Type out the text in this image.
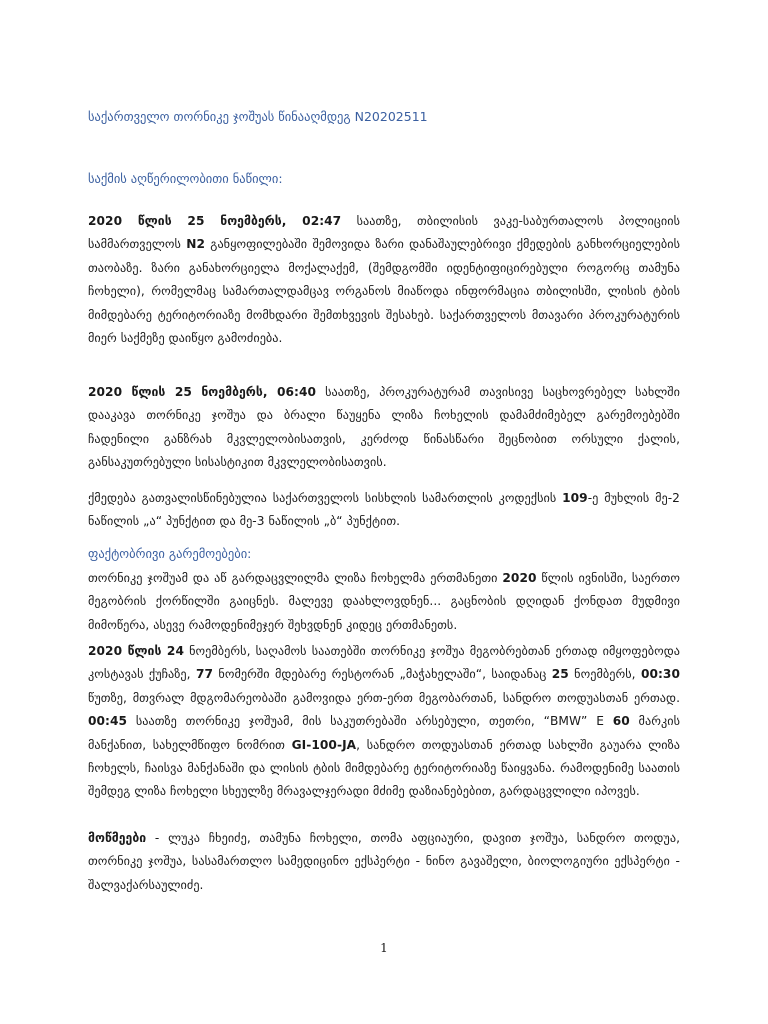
საქართველო თორნიკე ჯოშუას წინააღმდეგ N20202511

საქმის აღწერილობითი ნაწილი:

2020 წლის 25 ნოემბერს, 02:47 საათზე, თბილისის ვაკე-საბურთალოს პოლიციის სამმართველოს N2 განყოფილებაში შემოვიდა ზარი დანაშაულებრივი ქმედების განხორციელების თაობაზე. ზარი განახორციელა მოქალაქემ, (შემდგომში იდენტიფიცირებული როგორც თამუნა ჩოხელი), რომელმაც სამართალდამცავ ორგანოს მიაწოდა ინფორმაცია თბილისში, ლისის ტბის მიმდებარე ტერიტორიაზე მომხდარი შემთხვევის შესახებ. საქართველოს მთავარი პროკურატურის მიერ საქმეზე დაიწყო გამოძიება.

2020 წლის 25 ნოემბერს, 06:40 საათზე, პროკურატურამ თავისივე საცხოვრებელ სახლში დააკავა თორნიკე ჯოშუა და ბრალი წაუყენა ლიზა ჩოხელის დამამძიმებელ გარემოებებში ჩადენილი განზრახ მკვლელობისათვის, კერძოდ წინასწარი შეცნობით ორსული ქალის, განსაკუთრებული სისასტიკით მკვლელობისათვის.

ქმედება გათვალისწინებულია საქართველოს სისხლის სამართლის კოდექსის 109-ე მუხლის მე-2 ნაწილის „ა“ პუნქტით და მე-3 ნაწილის „ბ“ პუნქტით.

ფაქტობრივი გარემოებები:

თორნიკე ჯოშუამ და აწ გარდაცვლილმა ლიზა ჩოხელმა ერთმანეთი 2020 წლის ივნისში, საერთო მეგობრის ქორწილში გაიცნეს. მალევე დაახლოვდნენ... გაცნობის დღიდან ქონდათ მუდმივი მიმოწერა, ასევე რამოდენიმეჯერ შეხვდნენ კიდეც ერთმანეთს.

2020 წლის 24 ნოემბერს, საღამოს საათებში თორნიკე ჯოშუა მეგობრებთან ერთად იმყოფებოდა კოსტავას ქუჩაზე, 77 ნომერში მდებარე რესტორან „მაჭახელაში“, საიდანაც 25 ნოემბერს, 00:30 წუთზე, მთვრალ მდგომარეობაში გამოვიდა ერთ-ერთ მეგობართან, სანდრო თოდუასთან ერთად. 00:45 საათზე თორნიკე ჯოშუამ, მის საკუთრებაში არსებული, თეთრი, “BMW” E 60 მარკის მანქანით, სახელმწიფო ნომრით GI-100-JA, სანდრო თოდუასთან ერთად სახლში გაუარა ლიზა ჩოხელს, ჩაისვა მანქანაში და ლისის ტბის მიმდებარე ტერიტორიაზე წაიყვანა. რამოდენიმე საათის შემდეგ ლიზა ჩოხელი სხეულზე მრავალჯერადი მძიმე დაზიანებებით, გარდაცვლილი იპოვეს.

მოწმეები - ლუკა ჩხეიძე, თამუნა ჩოხელი, თომა აფციაური, დავით ჯოშუა, სანდრო თოდუა, თორნიკე ჯოშუა, სასამართლო სამედიცინო ექსპერტი - ნინო გავაშელი, ბიოლოგიური ექსპერტი - შალვაქარსაულიძე.

1
